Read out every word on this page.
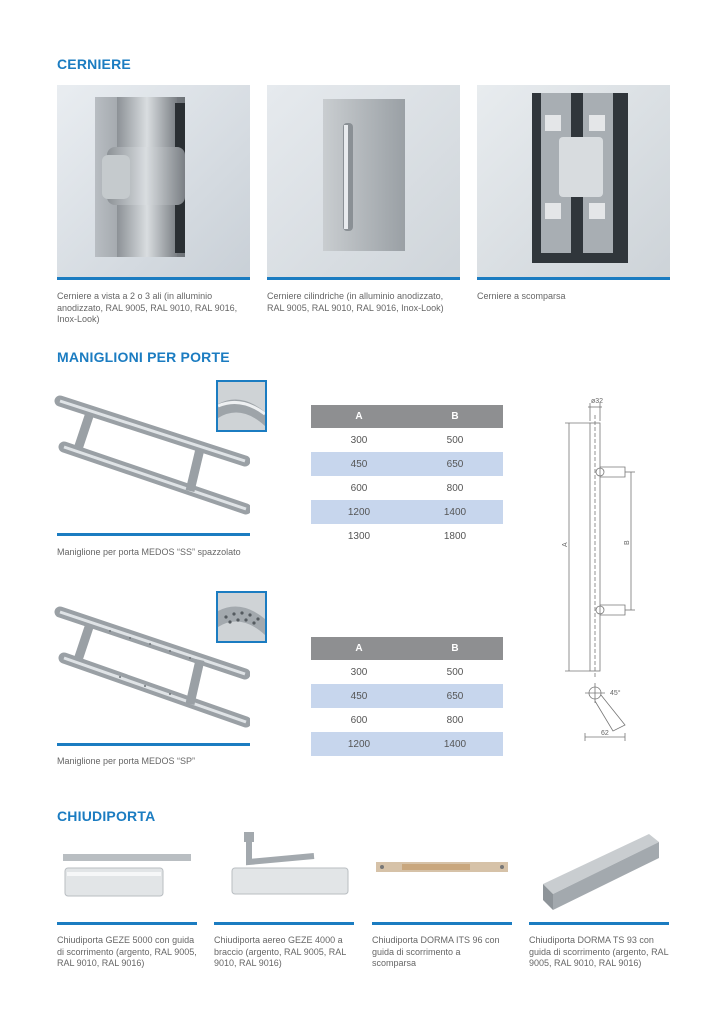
CERNIERE
Cerniere a vista a 2 o 3 ali (in alluminio anodizzato, RAL 9005, RAL 9010, RAL 9016, Inox-Look)
Cerniere cilindriche (in alluminio anodizzato, RAL 9005, RAL 9010, RAL 9016, Inox-Look)
Cerniere a scomparsa
MANIGLIONI PER PORTE
Maniglione per porta MEDOS “SS” spazzolato
A	B
300	500
450	650
600	800
1200	1400
1300	1800
Maniglione per porta MEDOS “SP”
A	B
300	500
450	650
600	800
1200	1400
ø32
A	B
45°
62
CHIUDIPORTA
Chiudiporta GEZE 5000 con guida di scorrimento (argento, RAL 9005, RAL 9010, RAL 9016)
Chiudiporta aereo GEZE 4000 a braccio (argento, RAL 9005, RAL 9010, RAL 9016)
Chiudiporta DORMA ITS 96 con guida di scorrimento a scomparsa
Chiudiporta DORMA TS 93 con guida di scorrimento (argento, RAL 9005, RAL 9010, RAL 9016)
